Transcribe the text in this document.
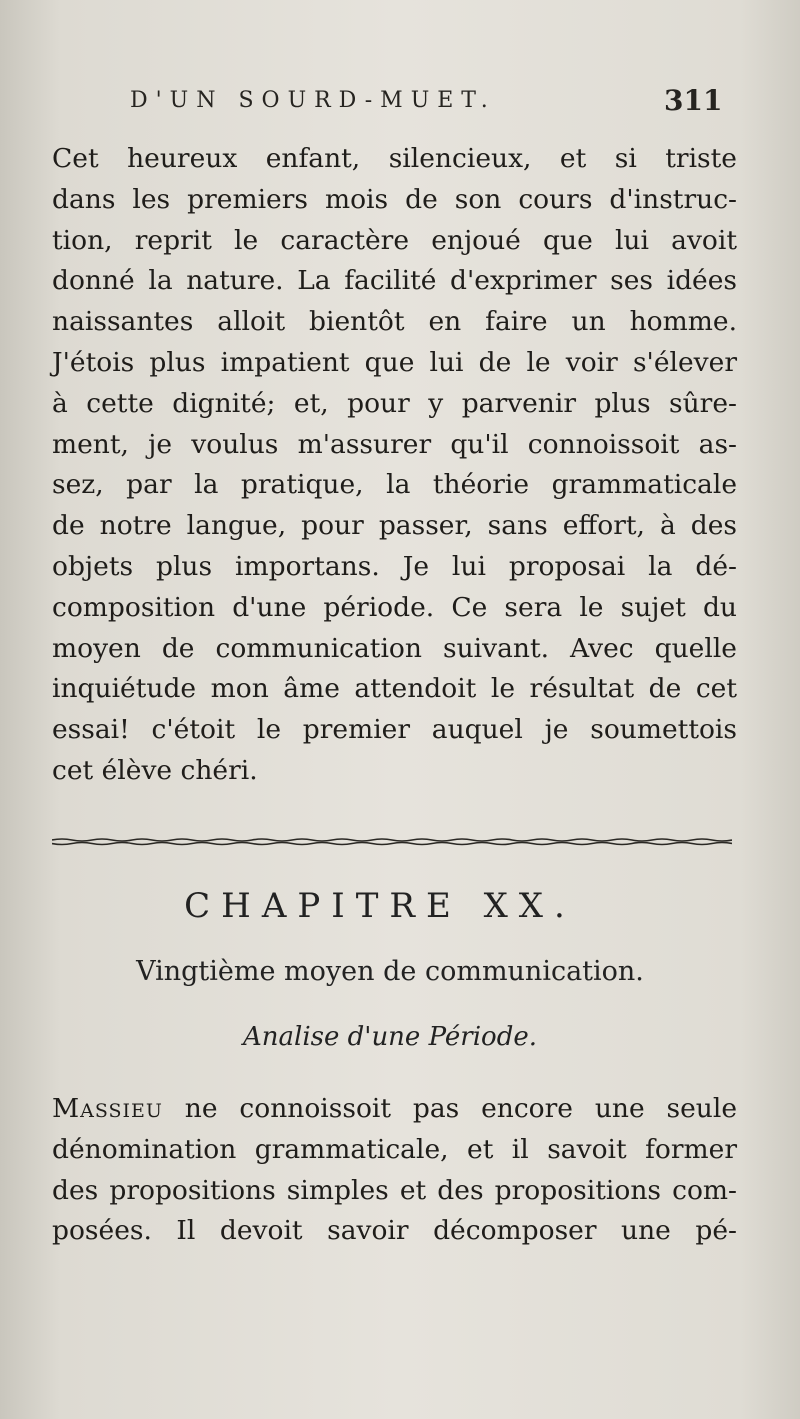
D'UN SOURD-MUET.	311
Cet heureux enfant, silencieux, et si triste
dans les premiers mois de son cours d'instruc-
tion, reprit le caractère enjoué que lui avoit
donné la nature. La facilité d'exprimer ses idées
naissantes alloit bientôt en faire un homme.
J'étois plus impatient que lui de le voir s'élever
à cette dignité; et, pour y parvenir plus sûre-
ment, je voulus m'assurer qu'il connoissoit as-
sez, par la pratique, la théorie grammaticale
de notre langue, pour passer, sans effort, à des
objets plus importans. Je lui proposai la dé-
composition d'une période. Ce sera le sujet du
moyen de communication suivant. Avec quelle
inquiétude mon âme attendoit le résultat de cet
essai! c'étoit le premier auquel je soumettois
cet élève chéri.
CHAPITRE XX.
Vingtième moyen de communication.
Analise d'une Période.
Massieu ne connoissoit pas encore une seule
dénomination grammaticale, et il savoit former
des propositions simples et des propositions com-
posées. Il devoit savoir décomposer une pé-
